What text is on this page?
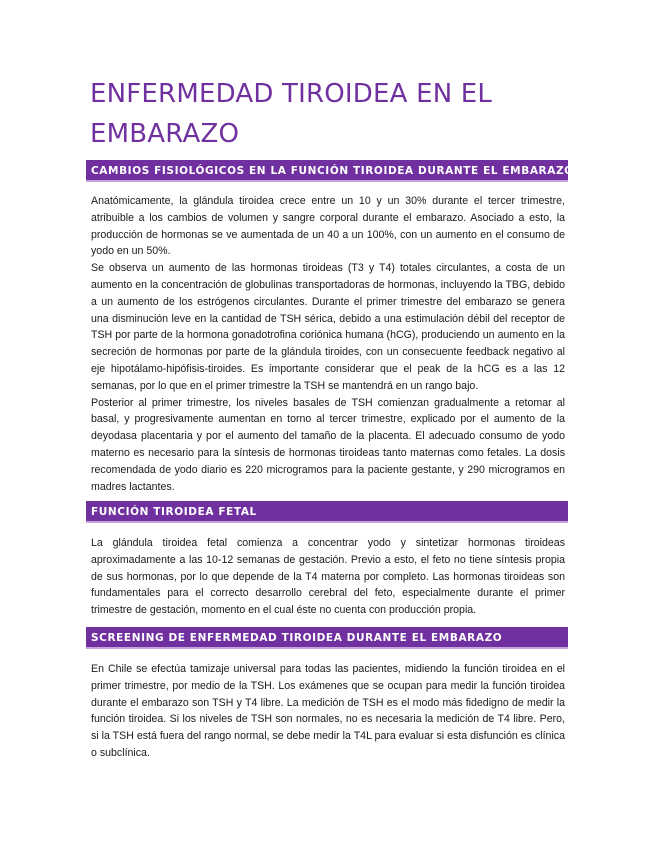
ENFERMEDAD TIROIDEA EN EL
EMBARAZO
CAMBIOS FISIOLÓGICOS EN LA FUNCIÓN TIROIDEA DURANTE EL EMBARAZO

Anatómicamente, la glándula tiroidea crece entre un 10 y un 30% durante el tercer trimestre, atribuible a los cambios de volumen y sangre corporal durante el embarazo. Asociado a esto, la producción de hormonas se ve aumentada de un 40 a un 100%, con un aumento en el consumo de yodo en un 50%.

Se observa un aumento de las hormonas tiroideas (T3 y T4) totales circulantes, a costa de un aumento en la concentración de globulinas transportadoras de hormonas, incluyendo la TBG, debido a un aumento de los estrógenos circulantes. Durante el primer trimestre del embarazo se genera una disminución leve en la cantidad de TSH sérica, debido a una estimulación débil del receptor de TSH por parte de la hormona gonadotrofina coriónica humana (hCG), produciendo un aumento en la secreción de hormonas por parte de la glándula tiroides, con un consecuente feedback negativo al eje hipotálamo-hipófisis-tiroides. Es importante considerar que el peak de la hCG es a las 12 semanas, por lo que en el primer trimestre la TSH se mantendrá en un rango bajo.

Posterior al primer trimestre, los niveles basales de TSH comienzan gradualmente a retomar al basal, y progresivamente aumentan en torno al tercer trimestre, explicado por el aumento de la deyodasa placentaria y por el aumento del tamaño de la placenta. El adecuado consumo de yodo materno es necesario para la síntesis de hormonas tiroideas tanto maternas como fetales. La dosis recomendada de yodo diario es 220 microgramos para la paciente gestante, y 290 microgramos en madres lactantes.

FUNCIÓN TIROIDEA FETAL

La glándula tiroidea fetal comienza a concentrar yodo y sintetizar hormonas tiroideas aproximadamente a las 10-12 semanas de gestación. Previo a esto, el feto no tiene síntesis propia de sus hormonas, por lo que depende de la T4 materna por completo. Las hormonas tiroideas son fundamentales para el correcto desarrollo cerebral del feto, especialmente durante el primer trimestre de gestación, momento en el cual éste no cuenta con producción propia.

SCREENING DE ENFERMEDAD TIROIDEA DURANTE EL EMBARAZO

En Chile se efectúa tamizaje universal para todas las pacientes, midiendo la función tiroidea en el primer trimestre, por medio de la TSH. Los exámenes que se ocupan para medir la función tiroidea durante el embarazo son TSH y T4 libre. La medición de TSH es el modo más fidedigno de medir la función tiroidea. Si los niveles de TSH son normales, no es necesaria la medición de T4 libre. Pero, si la TSH está fuera del rango normal, se debe medir la T4L para evaluar si esta disfunción es clínica o subclínica.
